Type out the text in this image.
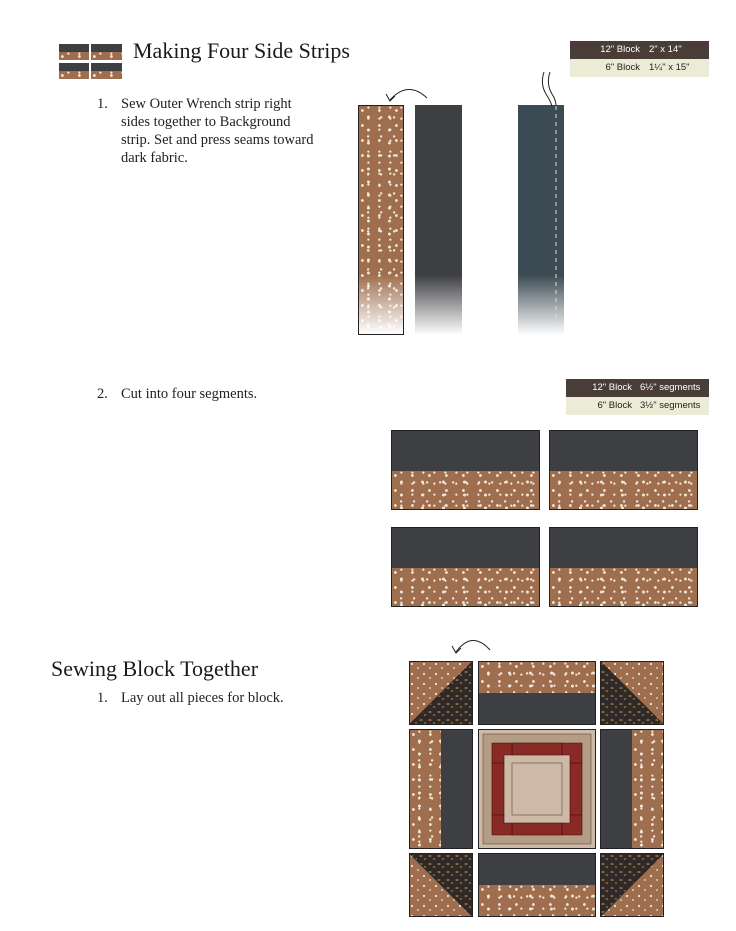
Making Four Side Strips	12" Block 2" x 14"
6" Block 1¼" x 15"
1. Sew Outer Wrench strip right
sides together to Background
strip. Set and press seams toward
dark fabric.
2. Cut into four segments.	12" Block 6½" segments
6" Block 3½" segments
Sewing Block Together
1. Lay out all pieces for block.
